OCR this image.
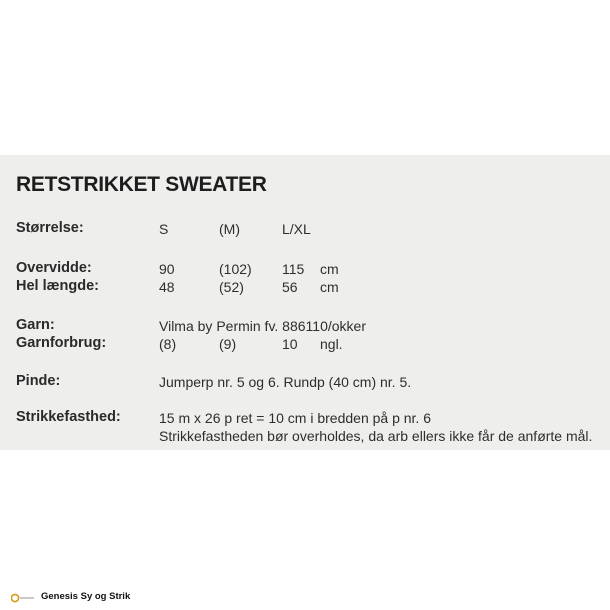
RETSTRIKKET SWEATER
Størrelse:	S	(M)	L/XL
Overvidde:	90	(102) 115 cm
Hel længde:	48	(52)	56 cm
Garn:	Vilma by Permin fv. 886110/okker
Garnforbrug:	(8)	(9)	10 ngl.
Pinde:	Jumperp nr. 5 og 6. Rundp (40 cm) nr. 5.
Strikkefasthed:	15 m x 26 p ret = 10 cm i bredden på p nr. 6
Strikkefastheden bør overholdes, da arb ellers ikke får de anførte mål.
Genesis Sy og Strik
